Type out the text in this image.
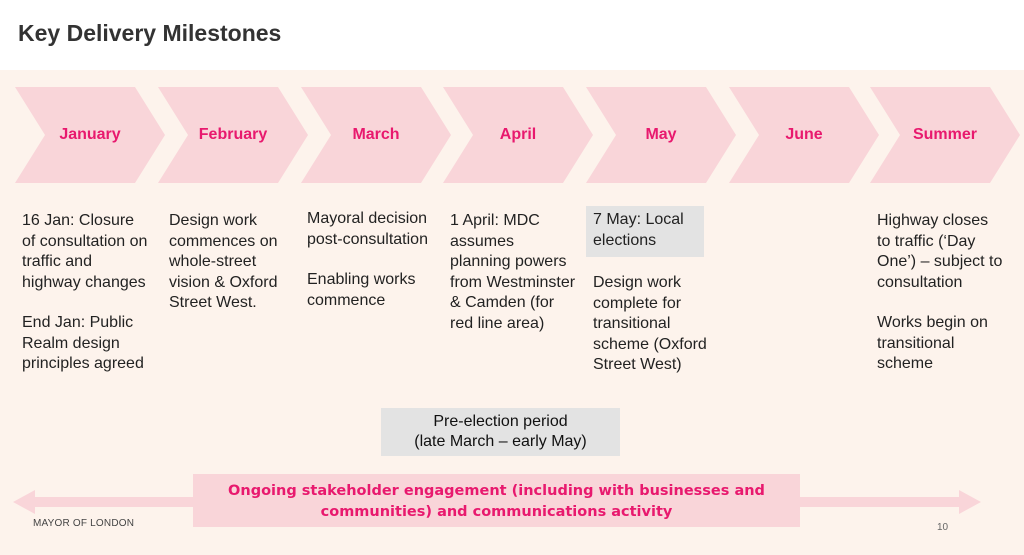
Key Delivery Milestones
January	February	March	April	May	June	Summer

16 Jan: Closure of consultation on traffic and highway changes

End Jan: Public Realm design principles agreed

Design work commences on whole-street vision & Oxford Street West.

Mayoral decision post-consultation

Enabling works commence

1 April: MDC assumes planning powers from Westminster & Camden (for red line area)

7 May: Local elections

Design work complete for transitional scheme (Oxford Street West)

Highway closes to traffic (‘Day One’) – subject to consultation

Works begin on transitional scheme

Pre-election period
(late March – early May)
Ongoing stakeholder engagement (including with businesses and
communities) and communications activity
MAYOR OF LONDON	10
